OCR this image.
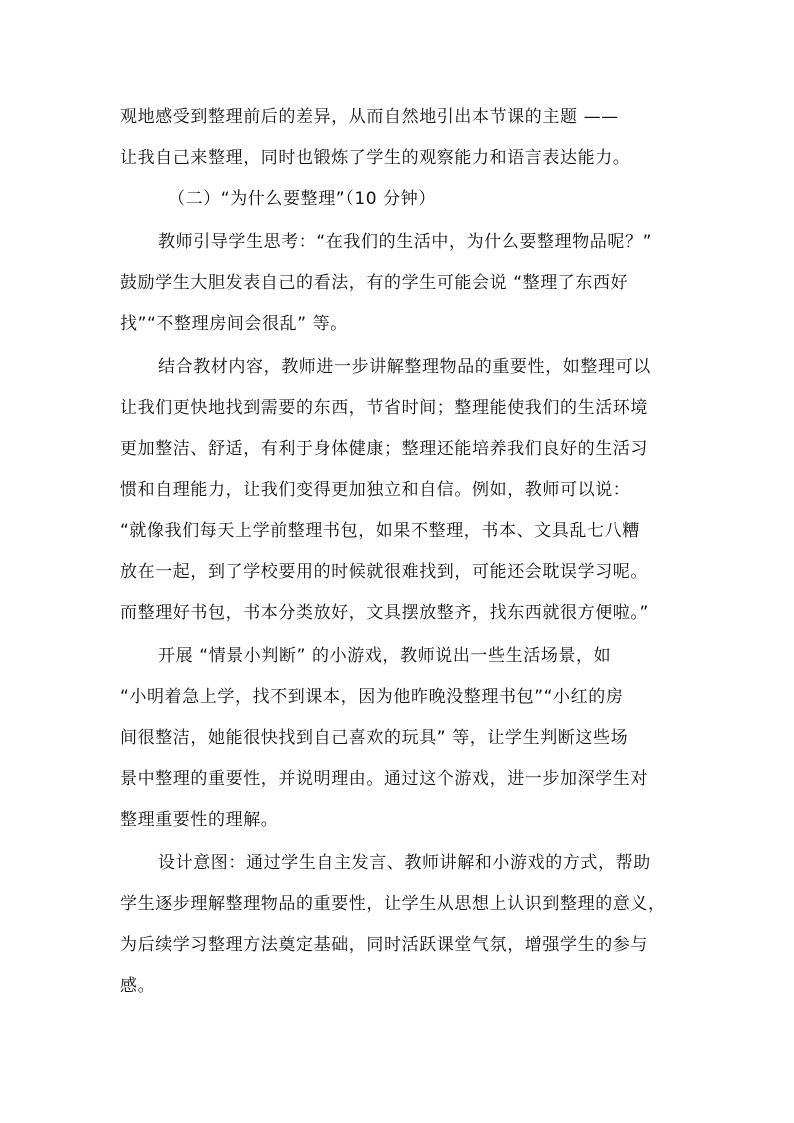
观地感受到整理前后的差异，从而自然地引出本节课的主题 ——
让我自己来整理，同时也锻炼了学生的观察能力和语言表达能力。
（二）“为什么要整理”（10 分钟）
教师引导学生思考：“在我们的生活中，为什么要整理物品呢？”
鼓励学生大胆发表自己的看法，有的学生可能会说 “整理了东西好
找”“不整理房间会很乱” 等。
结合教材内容，教师进一步讲解整理物品的重要性，如整理可以
让我们更快地找到需要的东西，节省时间；整理能使我们的生活环境
更加整洁、舒适，有利于身体健康；整理还能培养我们良好的生活习
惯和自理能力，让我们变得更加独立和自信。例如，教师可以说：
“就像我们每天上学前整理书包，如果不整理，书本、文具乱七八糟
放在一起，到了学校要用的时候就很难找到，可能还会耽误学习呢。
而整理好书包，书本分类放好，文具摆放整齐，找东西就很方便啦。”
开展 “情景小判断” 的小游戏，教师说出一些生活场景，如
“小明着急上学，找不到课本，因为他昨晚没整理书包”“小红的房
间很整洁，她能很快找到自己喜欢的玩具” 等，让学生判断这些场
景中整理的重要性，并说明理由。通过这个游戏，进一步加深学生对
整理重要性的理解。
设计意图：通过学生自主发言、教师讲解和小游戏的方式，帮助
学生逐步理解整理物品的重要性，让学生从思想上认识到整理的意义，
为后续学习整理方法奠定基础，同时活跃课堂气氛，增强学生的参与
感。
